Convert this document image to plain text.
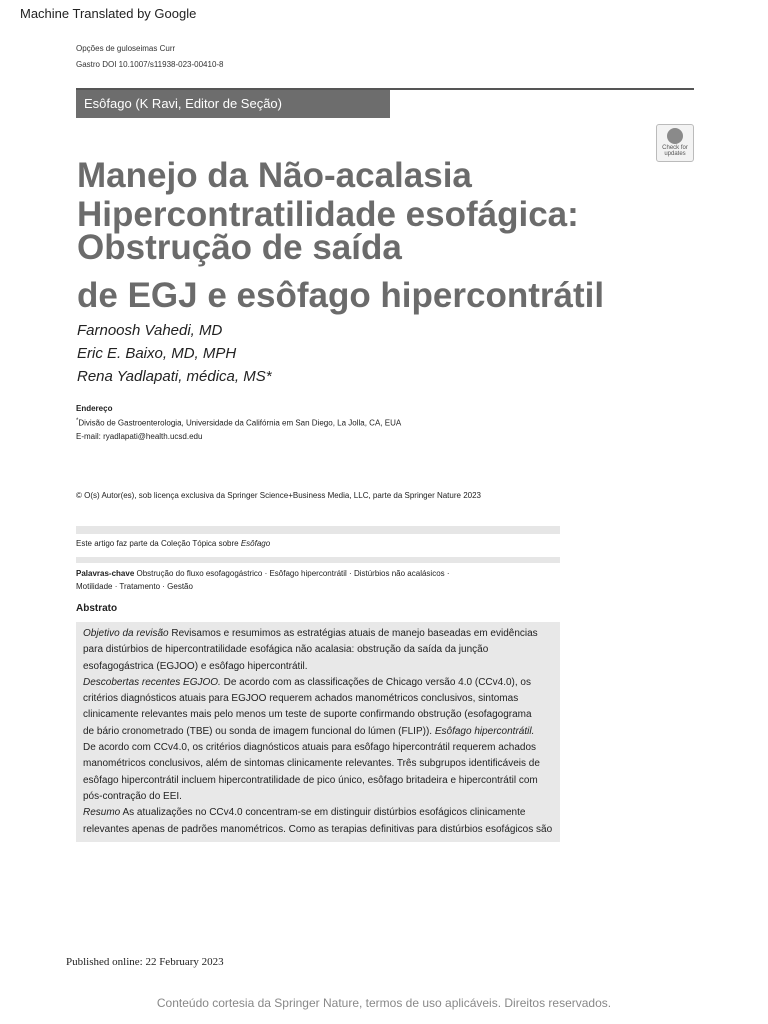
Machine Translated by Google
Opções de guloseimas Curr
Gastro DOI 10.1007/s11938-023-00410-8
Esôfago (K Ravi, Editor de Seção)
Check for
updates
Manejo da Não-acalasia
Hipercontratilidade esofágica:
Obstrução de saída
de EGJ e esôfago hipercontrátil
Farnoosh Vahedi, MD
Eric E. Baixo, MD, MPH
Rena Yadlapati, médica, MS*
Endereço
*Divisão de Gastroenterologia, Universidade da Califórnia em San Diego, La Jolla, CA, EUA
E-mail: ryadlapati@health.ucsd.edu
© O(s) Autor(es), sob licença exclusiva da Springer Science+Business Media, LLC, parte da Springer Nature 2023
Este artigo faz parte da Coleção Tópica sobre Esôfago
Palavras-chave Obstrução do fluxo esofagogástrico · Esôfago hipercontrátil · Distúrbios não acalásicos ·
Motilidade · Tratamento · Gestão
Abstrato
Objetivo da revisão Revisamos e resumimos as estratégias atuais de manejo baseadas em evidências
para distúrbios de hipercontratilidade esofágica não acalasia: obstrução da saída da junção
esofagogástrica (EGJOO) e esôfago hipercontrátil.
Descobertas recentes EGJOO. De acordo com as classificações de Chicago versão 4.0 (CCv4.0), os
critérios diagnósticos atuais para EGJOO requerem achados manométricos conclusivos, sintomas
clinicamente relevantes mais pelo menos um teste de suporte confirmando obstrução (esofagograma
de bário cronometrado (TBE) ou sonda de imagem funcional do lúmen (FLIP)). Esôfago hipercontrátil.
De acordo com CCv4.0, os critérios diagnósticos atuais para esôfago hipercontrátil requerem achados
manométricos conclusivos, além de sintomas clinicamente relevantes. Três subgrupos identificáveis de
esôfago hipercontrátil incluem hipercontratilidade de pico único, esôfago britadeira e hipercontrátil com
pós-contração do EEI.
Resumo As atualizações no CCv4.0 concentram-se em distinguir distúrbios esofágicos clinicamente
relevantes apenas de padrões manométricos. Como as terapias definitivas para distúrbios esofágicos são
Published online: 22 February 2023
Conteúdo cortesia da Springer Nature, termos de uso aplicáveis. Direitos reservados.
